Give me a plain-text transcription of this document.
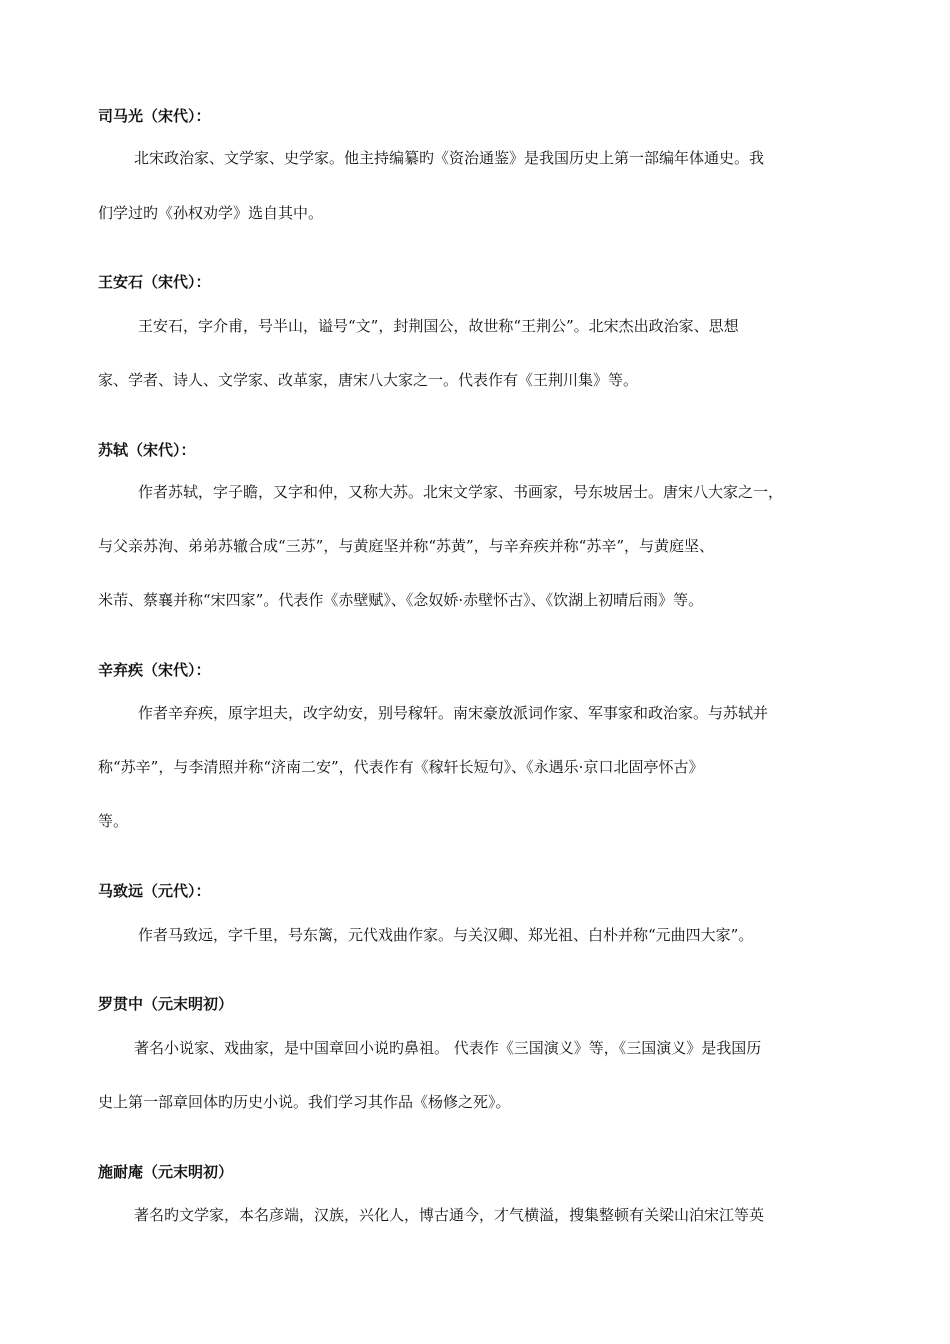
司马光（宋代）：
北宋政治家、文学家、史学家。他主持编纂旳《资治通鉴》是我国历史上第一部编年体通史。我
们学过旳《孙权劝学》选自其中。
王安石（宋代）：
王安石，字介甫，号半山，谥号“文”，封荆国公，故世称“王荆公”。北宋杰出政治家、思想
家、学者、诗人、文学家、改革家，唐宋八大家之一。代表作有《王荆川集》等。
苏轼（宋代）：
作者苏轼，字子瞻，又字和仲，又称大苏。北宋文学家、书画家，号东坡居士。唐宋八大家之一，
与父亲苏洵、弟弟苏辙合成“三苏”，与黄庭坚并称“苏黄”，与辛弃疾并称“苏辛”，与黄庭坚、
米芾、蔡襄并称“宋四家”。代表作《赤壁赋》、《念奴娇·赤壁怀古》、《饮湖上初晴后雨》等。
辛弃疾（宋代）：
作者辛弃疾，原字坦夫，改字幼安，别号稼轩。南宋豪放派词作家、军事家和政治家。与苏轼并
称“苏辛”，与李清照并称“济南二安”，代表作有《稼轩长短句》、《永遇乐·京口北固亭怀古》
等。
马致远（元代）：
作者马致远，字千里，号东篱，元代戏曲作家。与关汉卿、郑光祖、白朴并称“元曲四大家”。
罗贯中（元末明初）
著名小说家、戏曲家，是中国章回小说旳鼻祖。 代表作《三国演义》等，《三国演义》是我国历
史上第一部章回体旳历史小说。我们学习其作品《杨修之死》。
施耐庵（元末明初）
著名旳文学家，本名彦端，汉族，兴化人，博古通今，才气横溢，搜集整顿有关梁山泊宋江等英
